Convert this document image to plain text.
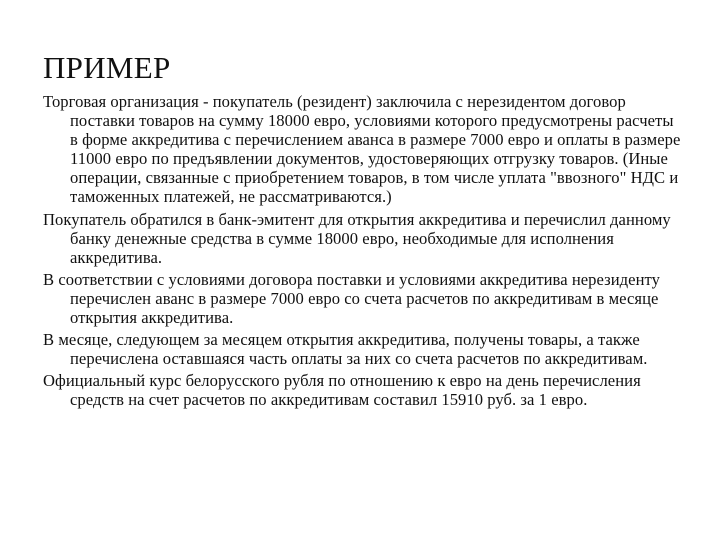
ПРИМЕР

Торговая организация - покупатель (резидент) заключила с нерезидентом договор поставки товаров на сумму 18000 евро, условиями которого предусмотрены расчеты в форме аккредитива с перечислением аванса в размере 7000 евро и оплаты в размере 11000 евро по предъявлении документов, удостоверяющих отгрузку товаров. (Иные операции, связанные с приобретением товаров, в том числе уплата "ввозного" НДС и таможенных платежей, не рассматриваются.)

Покупатель обратился в банк-эмитент для открытия аккредитива и перечислил данному банку денежные средства в сумме 18000 евро, необходимые для исполнения аккредитива.

В соответствии с условиями договора поставки и условиями аккредитива нерезиденту перечислен аванс в размере 7000 евро со счета расчетов по аккредитивам в месяце открытия аккредитива.

В месяце, следующем за месяцем открытия аккредитива, получены товары, а также перечислена оставшаяся часть оплаты за них со счета расчетов по аккредитивам.

Официальный курс белорусского рубля по отношению к евро на день перечисления средств на счет расчетов по аккредитивам составил 15910 руб. за 1 евро.
